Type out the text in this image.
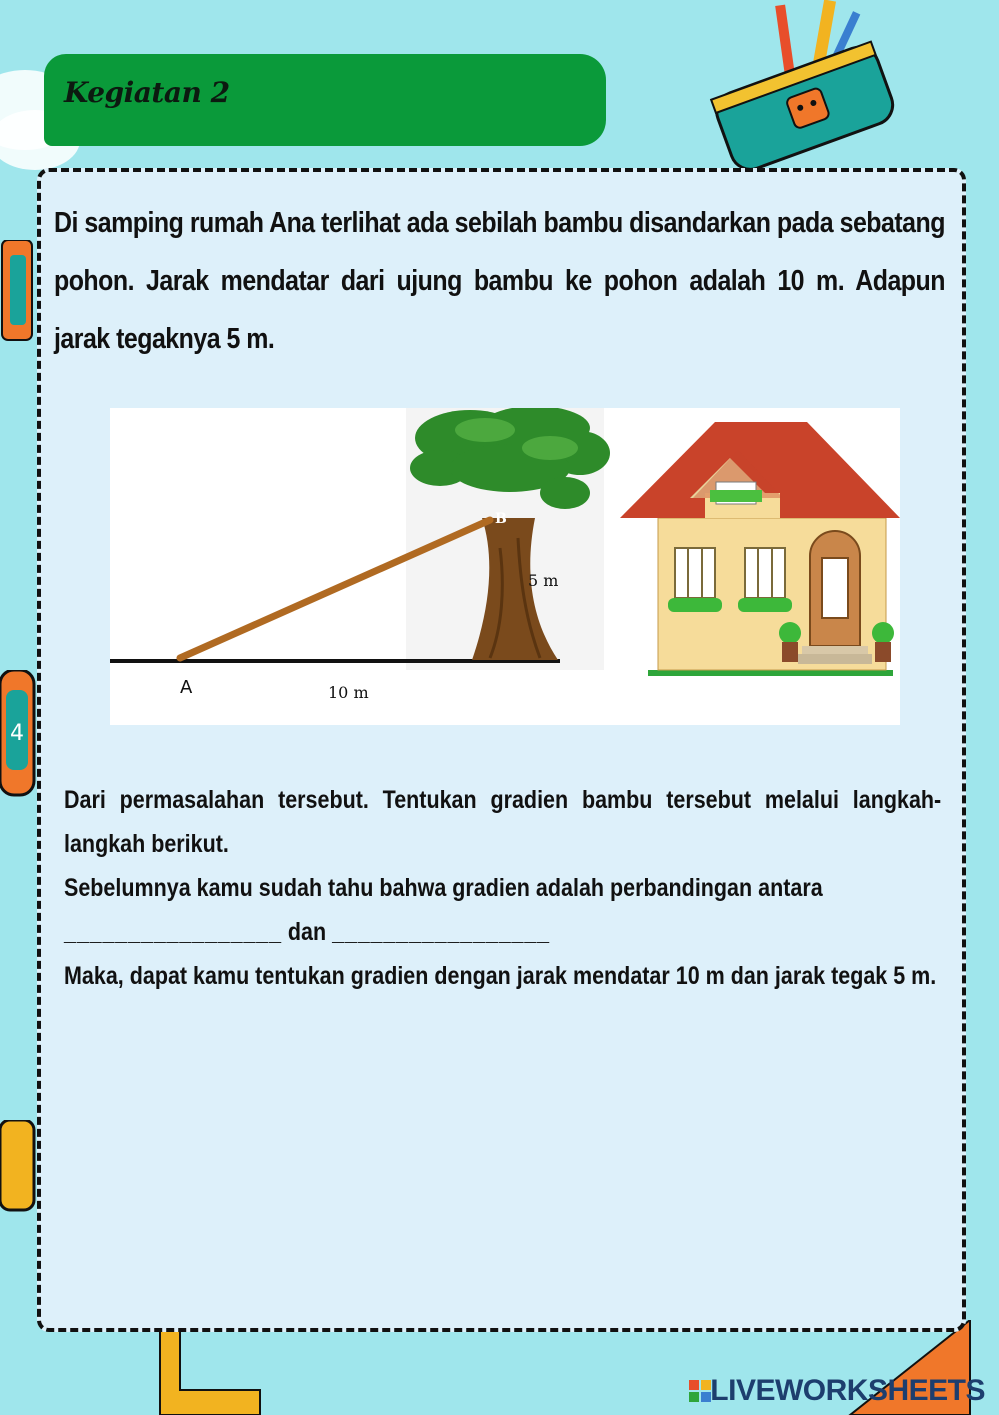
4
Kegiatan 2
Di samping rumah Ana terlihat ada sebilah bambu disandarkan pada sebatang pohon. Jarak mendatar dari ujung bambu ke pohon adalah 10 m. Adapun jarak tegaknya 5 m.
B
5 m
A	10 m

Dari permasalahan tersebut. Tentukan gradien bambu tersebut melalui langkah-langkah berikut.

Sebelumnya kamu sudah tahu bahwa gradien adalah perbandingan antara

_________________ dan _________________

Maka, dapat kamu tentukan gradien dengan jarak mendatar 10 m dan jarak tegak 5 m.

LIVEWORKSHEETS
